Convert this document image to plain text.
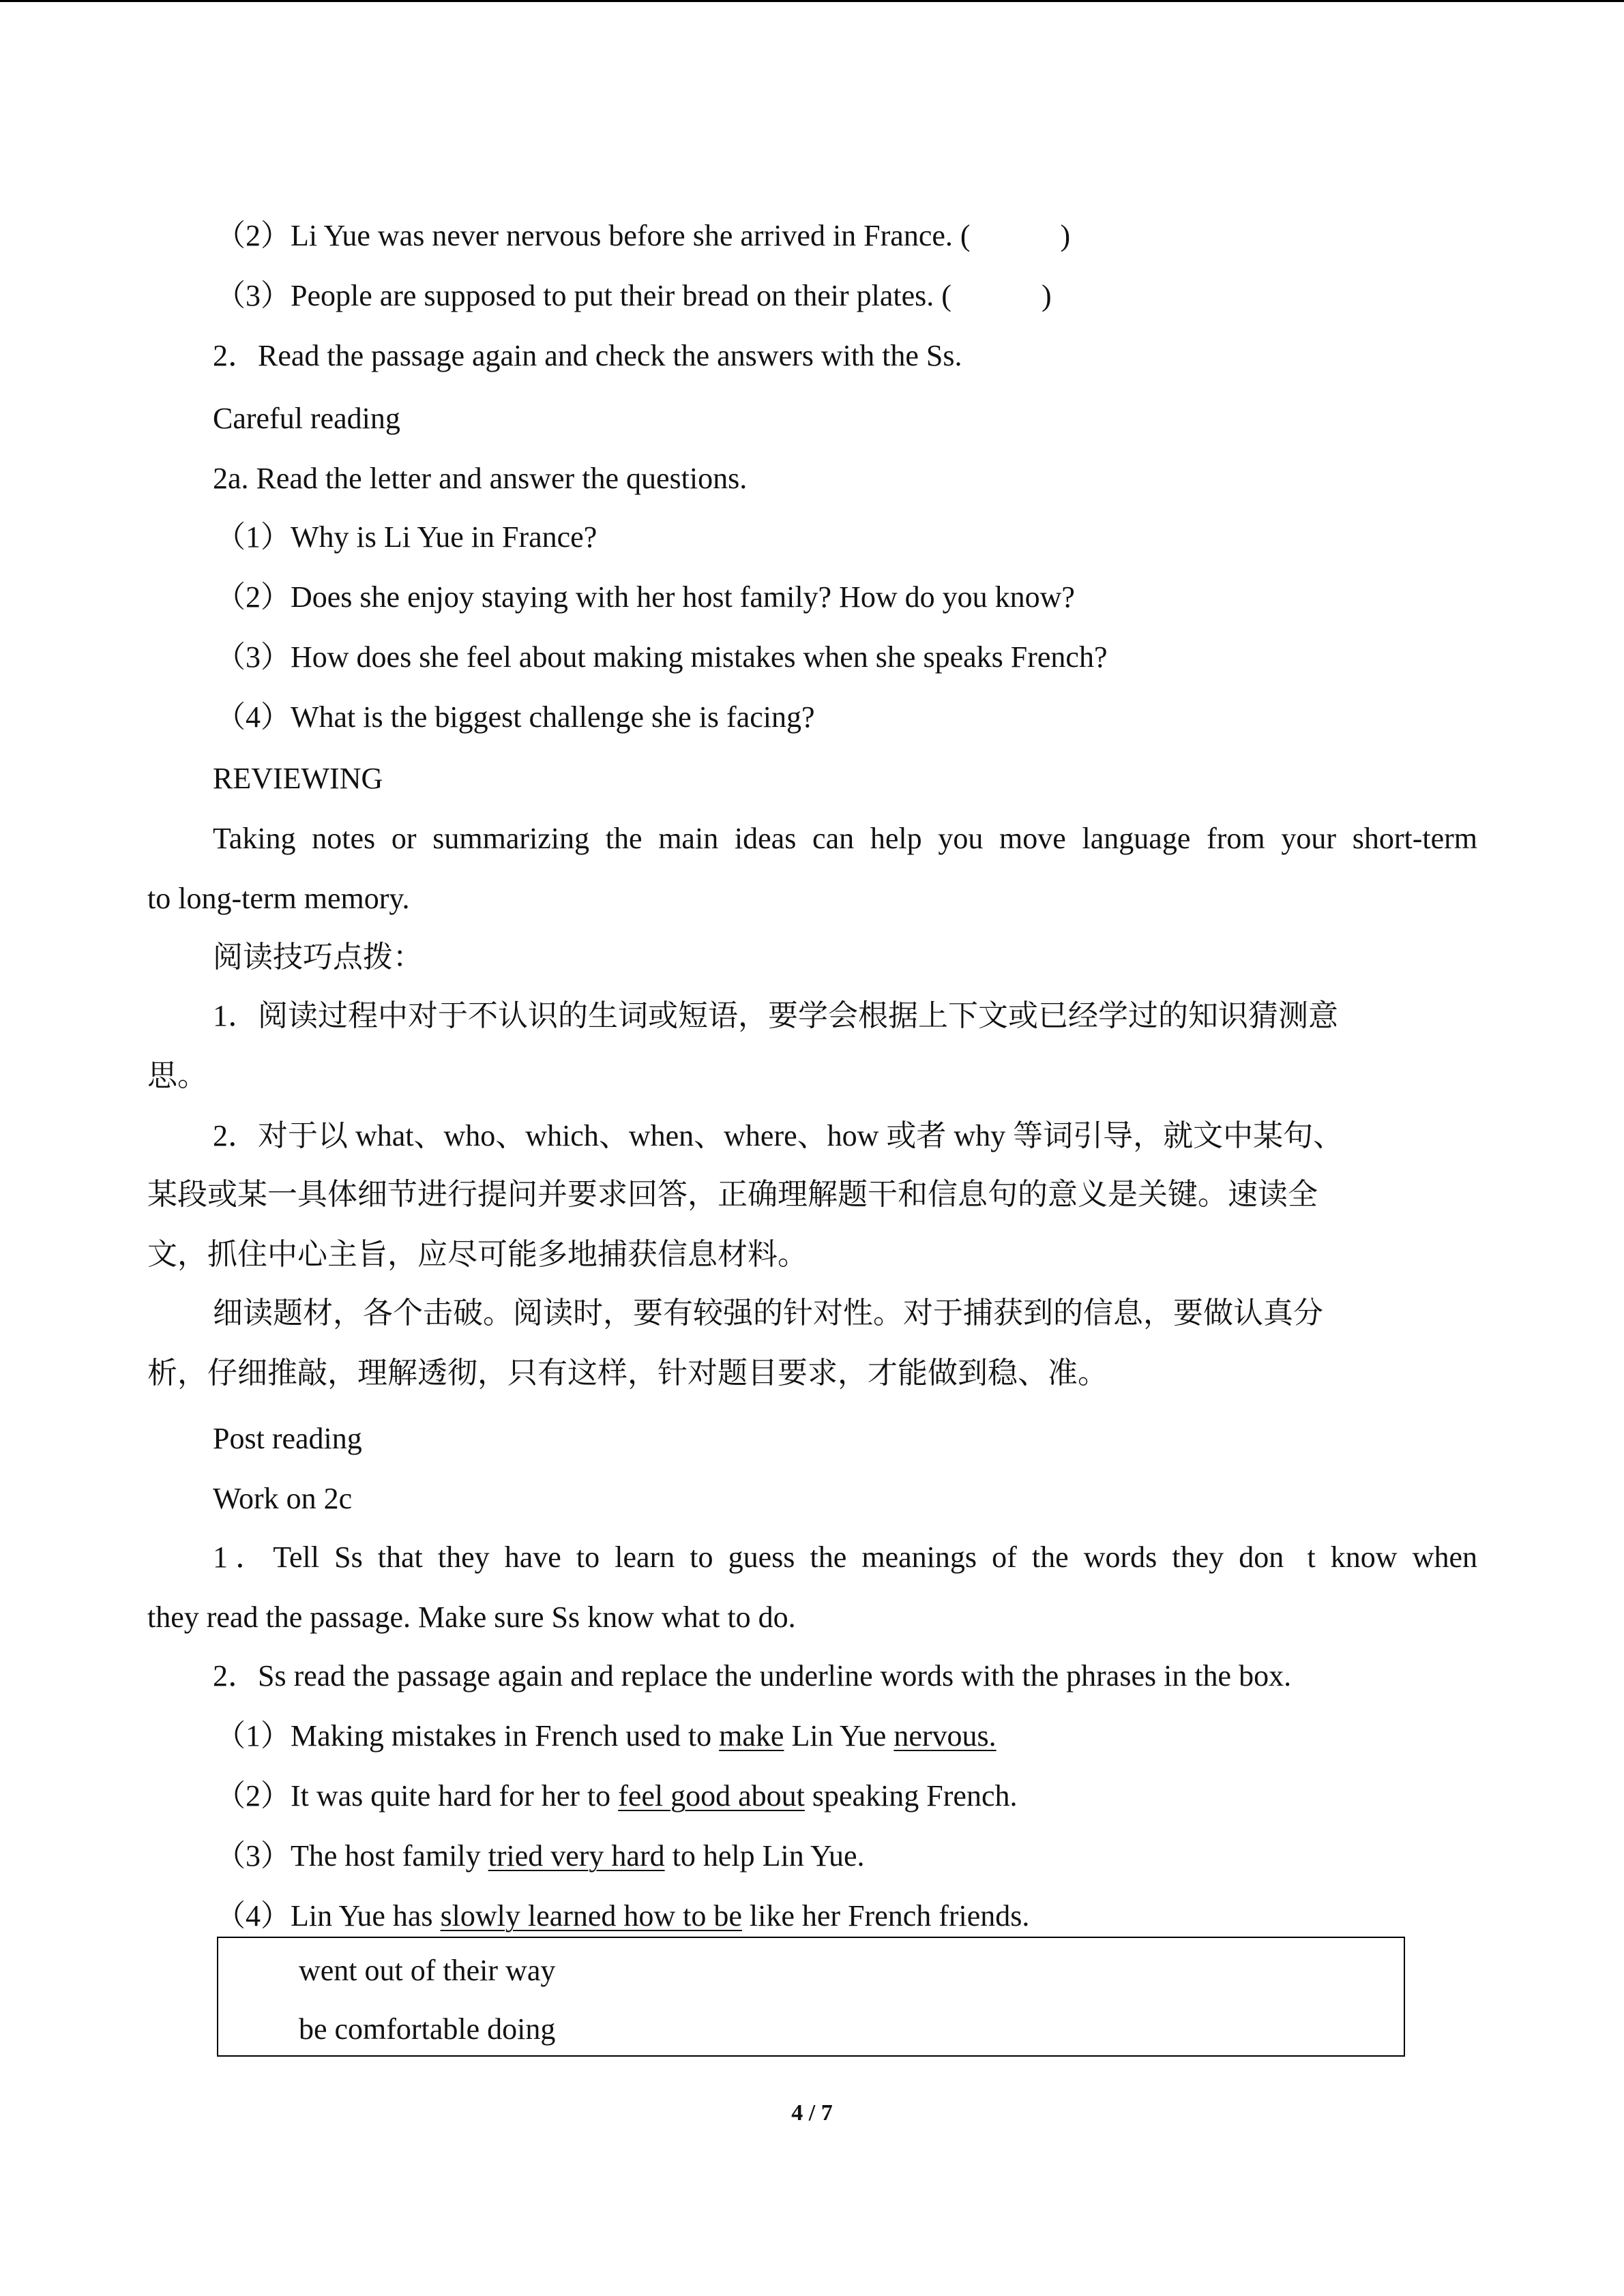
（2）Li Yue was never nervous before she arrived in France. (　　　)
（3）People are supposed to put their bread on their plates. (　　　)
2．Read the passage again and check the answers with the Ss.
Careful reading
2a. Read the letter and answer the questions.
（1）Why is Li Yue in France?
（2）Does she enjoy staying with her host family? How do you know?
（3）How does she feel about making mistakes when she speaks French?
（4）What is the biggest challenge she is facing?
REVIEWING
Taking notes or summarizing the main ideas can help you move language from your short-term
to long-term memory.
阅读技巧点拨：
1．阅读过程中对于不认识的生词或短语，要学会根据上下文或已经学过的知识猜测意
思。
2．对于以 what、who、which、when、where、how 或者 why 等词引导，就文中某句、
某段或某一具体细节进行提问并要求回答，正确理解题干和信息句的意义是关键。速读全
文，抓住中心主旨，应尽可能多地捕获信息材料。
细读题材，各个击破。阅读时，要有较强的针对性。对于捕获到的信息，要做认真分
析，仔细推敲，理解透彻，只有这样，针对题目要求，才能做到稳、准。
Post reading
Work on 2c
1．Tell Ss that they have to learn to guess the meanings of the words they don t know when
they read the passage. Make sure Ss know what to do.
2．Ss read the passage again and replace the underline words with the phrases in the box.
（1）Making mistakes in French used to make Lin Yue nervous.
（2）It was quite hard for her to feel good about speaking French.
（3）The host family tried very hard to help Lin Yue.
（4）Lin Yue has slowly learned how to be like her French friends.
went out of their way
be comfortable doing
4 / 7
